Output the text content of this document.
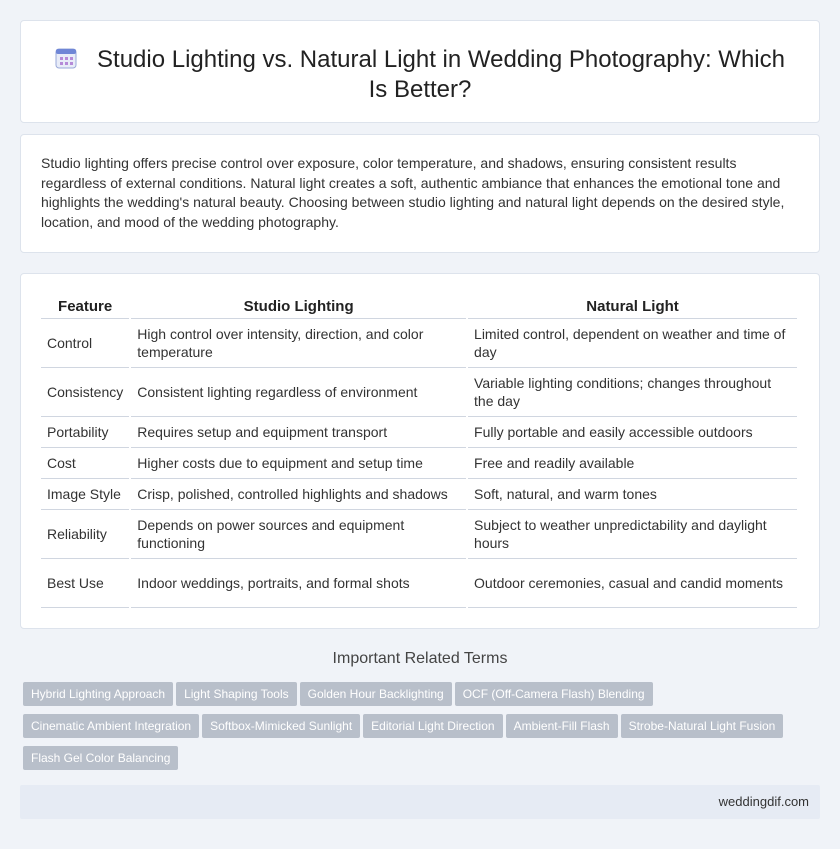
Studio Lighting vs. Natural Light in Wedding Photography: Which Is Better?

Studio lighting offers precise control over exposure, color temperature, and shadows, ensuring consistent results regardless of external conditions. Natural light creates a soft, authentic ambiance that enhances the emotional tone and highlights the wedding's natural beauty. Choosing between studio lighting and natural light depends on the desired style, location, and mood of the wedding photography.

Feature	Studio Lighting	Natural Light
Control	High control over intensity, direction, and color temperature	Limited control, dependent on weather and time of day
Consistency	Consistent lighting regardless of environment	Variable lighting conditions; changes throughout the day
Portability	Requires setup and equipment transport	Fully portable and easily accessible outdoors
Cost	Higher costs due to equipment and setup time	Free and readily available
Image Style	Crisp, polished, controlled highlights and shadows	Soft, natural, and warm tones
Reliability	Depends on power sources and equipment functioning	Subject to weather unpredictability and daylight hours
Best Use	Indoor weddings, portraits, and formal shots	Outdoor ceremonies, casual and candid moments
Important Related Terms
Hybrid Lighting Approach Light Shaping Tools Golden Hour Backlighting OCF (Off-Camera Flash) Blending
Cinematic Ambient Integration Softbox-Mimicked Sunlight Editorial Light Direction Ambient-Fill Flash Strobe-Natural Light Fusion
Flash Gel Color Balancing
weddingdif.com
